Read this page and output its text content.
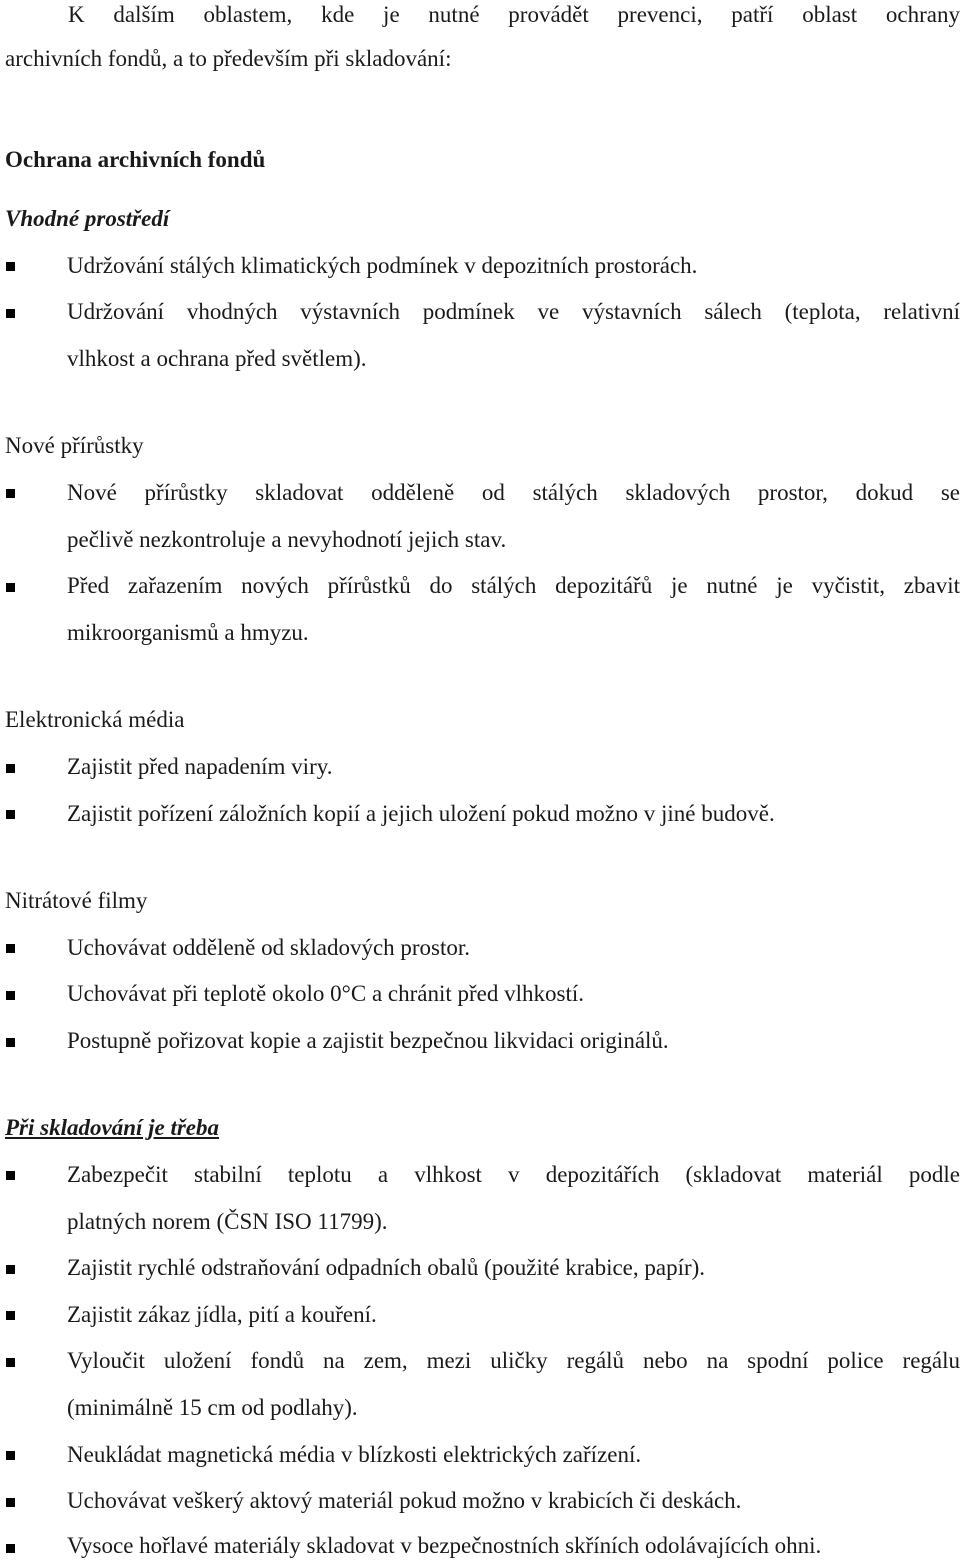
K dalším oblastem, kde je nutné provádět prevenci, patří oblast ochrany
archivních fondů, a to především při skladování:
Ochrana archivních fondů
Vhodné prostředí
Udržování stálých klimatických podmínek v depozitních prostorách.
Udržování vhodných výstavních podmínek ve výstavních sálech (teplota, relativní
vlhkost a ochrana před světlem).
Nové přírůstky
Nové přírůstky skladovat odděleně od stálých skladových prostor, dokud se
pečlivě nezkontroluje a nevyhodnotí jejich stav.
Před zařazením nových přírůstků do stálých depozitářů je nutné je vyčistit, zbavit
mikroorganismů a hmyzu.
Elektronická média
Zajistit před napadením viry.
Zajistit pořízení záložních kopií a jejich uložení pokud možno v jiné budově.
Nitrátové filmy
Uchovávat odděleně od skladových prostor.
Uchovávat při teplotě okolo 0°C a chránit před vlhkostí.
Postupně pořizovat kopie a zajistit bezpečnou likvidaci originálů.
Při skladování je třeba
Zabezpečit stabilní teplotu a vlhkost v depozitářích (skladovat materiál podle
platných norem (ČSN ISO 11799).
Zajistit rychlé odstraňování odpadních obalů (použité krabice, papír).
Zajistit zákaz jídla, pití a kouření.
Vyloučit uložení fondů na zem, mezi uličky regálů nebo na spodní police regálu
(minimálně 15 cm od podlahy).
Neukládat magnetická média v blízkosti elektrických zařízení.
Uchovávat veškerý aktový materiál pokud možno v krabicích či deskách.
Vysoce hořlavé materiály skladovat v bezpečnostních skříních odolávajících ohni.
